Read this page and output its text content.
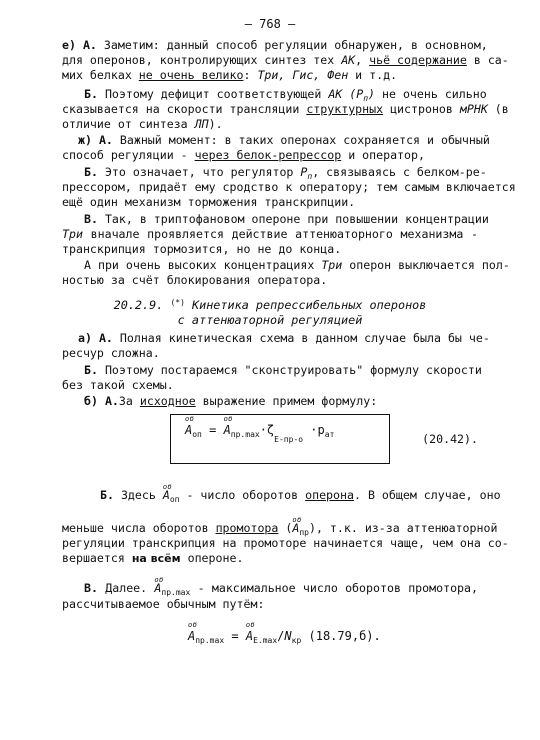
– 768 –
е) А. Заметим: данный способ регуляции обнаружен, в основном,
для оперонов, контролирующих синтез тех АК, чьё содержание в са-
мих белках не очень велико: Три, Гис, Фен и т.д.
Б. Поэтому дефицит соответствующей АК $(P_п)$ не очень сильно
сказывается на скорости трансляции структурных цистронов мРНК (в
отличие от синтеза ЛП).
ж) А. Важный момент: в таких оперонах сохраняется и обычный
способ регуляции - через белок-репрессор и оператор,
Б. Это означает, что регулятор $P_п$, связываясь с белком-ре-
прессором, придаёт ему сродство к оператору; тем самым включается
ещё один механизм торможения транскрипции.
В. Так, в триптофановом опероне при повышении концентрации
Три вначале проявляется действие аттенюаторного механизма -
транскрипция тормозится, но не до конца.
А при очень высоких концентрациях Три оперон выключается пол-
ностью за счёт блокирования оператора.
20.2.9. (*) Кинетика репрессибельных оперонов
с аттенюаторной регуляцией
а) А. Полная кинетическая схема в данном случае была бы че-
ресчур сложна.
Б. Поэтому постараемся "сконструировать" формулу скорости
без такой схемы.
б) А.За исходное выражение примем формулу:
об $A_{оп}$ = об $A_{пр.max}\cdot\zeta_{Е-пр-о} \cdot p_{ат}$	(20.42).
Б. Здесь об $A_{оп}$ - число оборотов оперона. В общем случае, оно
меньше числа оборотов промотора (об $A_{пр}$), т.к. из-за аттенюаторной
регуляции транскрипция на промоторе начинается чаще, чем она со-
вершается на всём опероне.
В. Далее. об $A_{пр.max}$ - максимальное число оборотов промотора,
рассчитываемое обычным путём:
об $A_{пр.max}$ = об $A_{Е.max}/N_{кр}$ (18.79,б).
